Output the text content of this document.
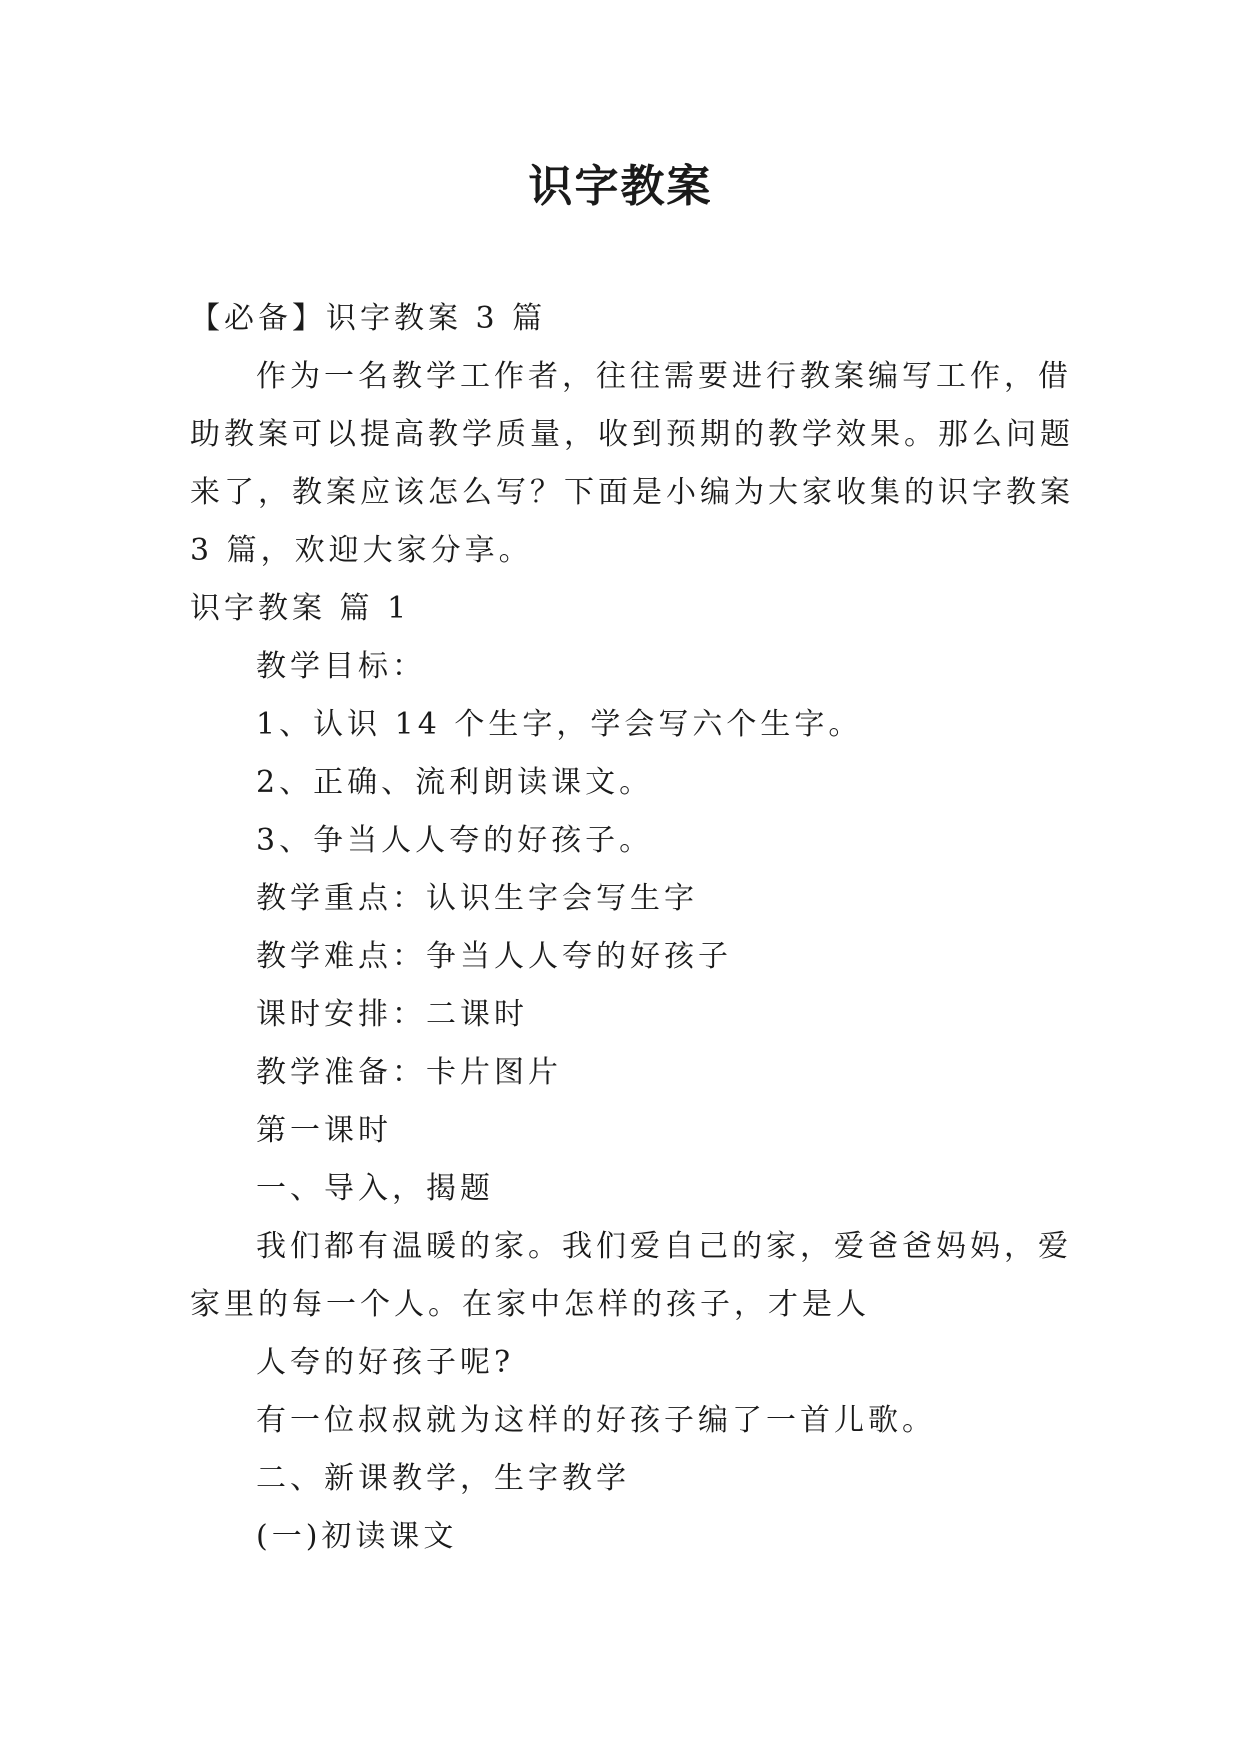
识字教案
【必备】识字教案 3 篇
作为一名教学工作者，往往需要进行教案编写工作，借
助教案可以提高教学质量，收到预期的教学效果。那么问题
来了，教案应该怎么写？下面是小编为大家收集的识字教案
3 篇，欢迎大家分享。
识字教案 篇 1
教学目标：
1、认识 14 个生字，学会写六个生字。
2、正确、流利朗读课文。
3、争当人人夸的好孩子。
教学重点：认识生字会写生字
教学难点：争当人人夸的好孩子
课时安排：二课时
教学准备：卡片图片
第一课时
一、导入，揭题
我们都有温暖的家。我们爱自己的家，爱爸爸妈妈，爱
家里的每一个人。在家中怎样的孩子，才是人
人夸的好孩子呢?
有一位叔叔就为这样的好孩子编了一首儿歌。
二、新课教学，生字教学
(一)初读课文
